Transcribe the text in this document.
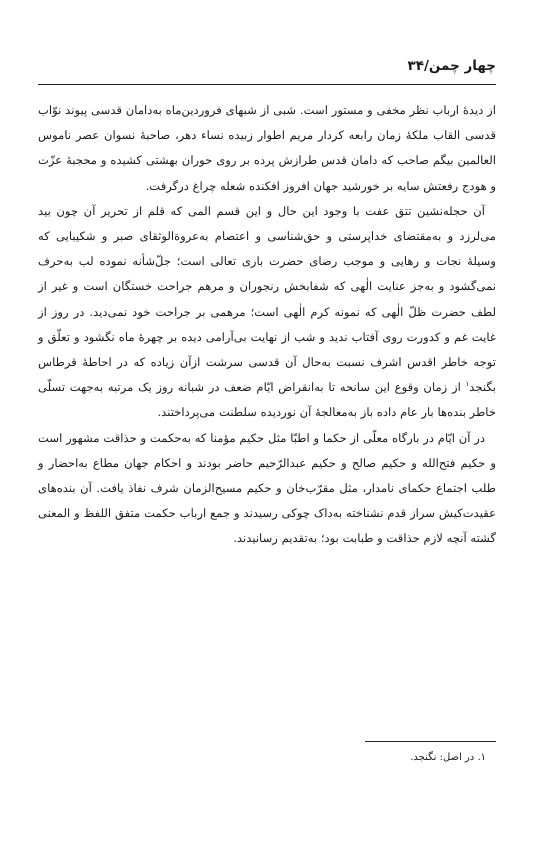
چهار چمن/۳۴

از دیدهٔ ارباب نظر مخفی و مستور است. شبی از شبهای فروردین‌ماه به‌دامان قدسی پیوند نوّاب قدسی القاب ملکهٔ زمان رابعه کردار مریم اطوار زبیده نساء دهر، صاحبهٔ نسوان عصر ناموس العالمین بیگم صاحب که دامان قدس طرازش پرده بر روی حوران بهشتی کشیده و محجبهٔ عزّت و هودج رفعتش سایه بر خورشید جهان افروز افکنده شعله چراغ درگرفت.

آن حجله‌نشین تتق عفت با وجود این حال و این قسم المی که قلم از تحریر آن چون بید می‌لرزد و به‌مقتضای خداپرستی و حق‌شناسی و اعتصام به‌عروةالوثقای صبر و شکیبایی که وسیلهٔ نجات و رهایی و موجب رضای حضرت باری تعالی است؛ جلّ‌شأنه نموده لب به‌حرف نمی‌گشود و به‌جز عنایت الٰهی که شفابخش رنجوران و مرهم جراحت خستگان است و غیر از لطف حضرت ظلّ الٰهی که نمونه کرم الٰهی است؛ مرهمی بر جراحت خود نمی‌دید. در روز از غایت غم و کدورت روی آفتاب ندید و شب از نهایت بی‌آرامی دیده بر چهرهٔ ماه نگشود و تعلّق و توجه خاطر اقدس اشرف نسبت به‌حال آن قدسی سرشت ازآن زیاده که در احاطهٔ قرطاس بگنجد$^۱$ از زمان وقوع این سانحه تا به‌انقراض ایّام ضعف در شبانه روز یک مرتبه به‌جهت تسلّی خاطر بنده‌ها بار عام داده باز به‌معالجهٔ آن نوردیده سلطنت می‌پرداختند.

در آن ایّام در بارگاه معلّی از حکما و اطبّا مثل حکیم مؤمنا که به‌حکمت و حذاقت مشهور است و حکیم فتح‌الله و حکیم صالح و حکیم عبدالرّحیم حاضر بودند و احکام جهان مطاع به‌احضار و طلب اجتماع حکمای نامدار، مثل مقرّب‌خان و حکیم مسیح‌الزمان شرف نفاذ یافت. آن بنده‌های عقیدت‌کیش سراز قدم نشناخته به‌داک چوکی رسیدند و جمع ارباب حکمت متفق اللفظ و المعنی گشته آنچه لازم حذاقت و طبابت بود؛ به‌تقدیم رسانیدند.

۱. در اصل: نگنجد.
